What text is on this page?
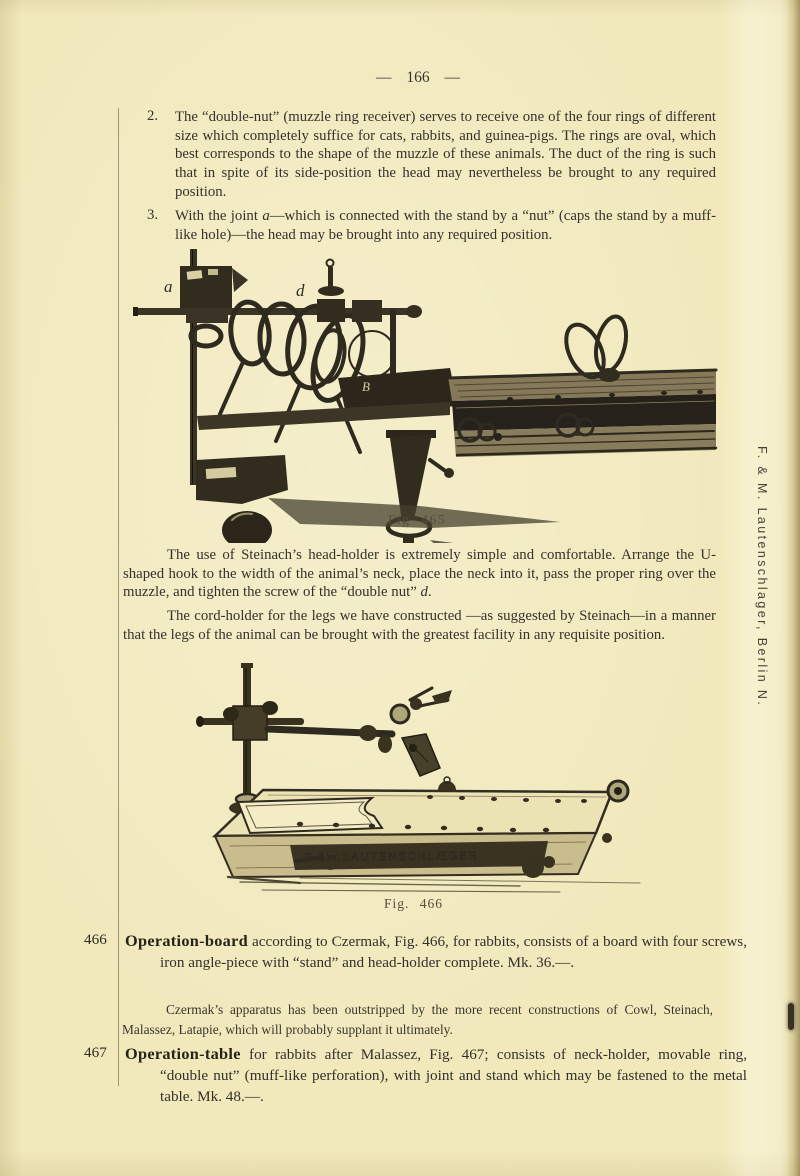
— 166 —
2. The “double-nut” (muzzle ring receiver) serves to receive one of the four rings of different size which completely suffice for cats, rabbits, and guinea-pigs. The rings are oval, which best corresponds to the shape of the muzzle of these animals. The duct of the ring is such that in spite of its side-position the head may nevertheless be brought to any required position.
3. With the joint a—which is connected with the stand by a “nut” (caps the stand by a muff-like hole)—the head may be brought into any required position.
a	d
B
Fig 465
The use of Steinach’s head-holder is extremely simple and comfortable. Arrange the U-shaped hook to the width of the animal’s neck, place the neck into it, pass the proper ring over the muzzle, and tighten the screw of the “double nut” d.
The cord-holder for the legs we have constructed —as suggested by Steinach—in a manner that the legs of the animal can be brought with the greatest facility in any requisite position.
F.&M.LAUTENSCHLÆGER
Fig. 466
466 Operation-board according to Czermak, Fig. 466, for rabbits, consists of a board with four screws, iron angle-piece with “stand” and head-holder complete. Mk. 36.—.
Czermak’s apparatus has been outstripped by the more recent constructions of Cowl, Steinach, Malassez, Latapie, which will probably supplant it ultimately.
467 Operation-table for rabbits after Malassez, Fig. 467; consists of neck-holder, movable ring, “double nut” (muff-like perforation), with joint and stand which may be fastened to the metal table. Mk. 48.—.
F. & M. Lautenschlager, Berlin N.
